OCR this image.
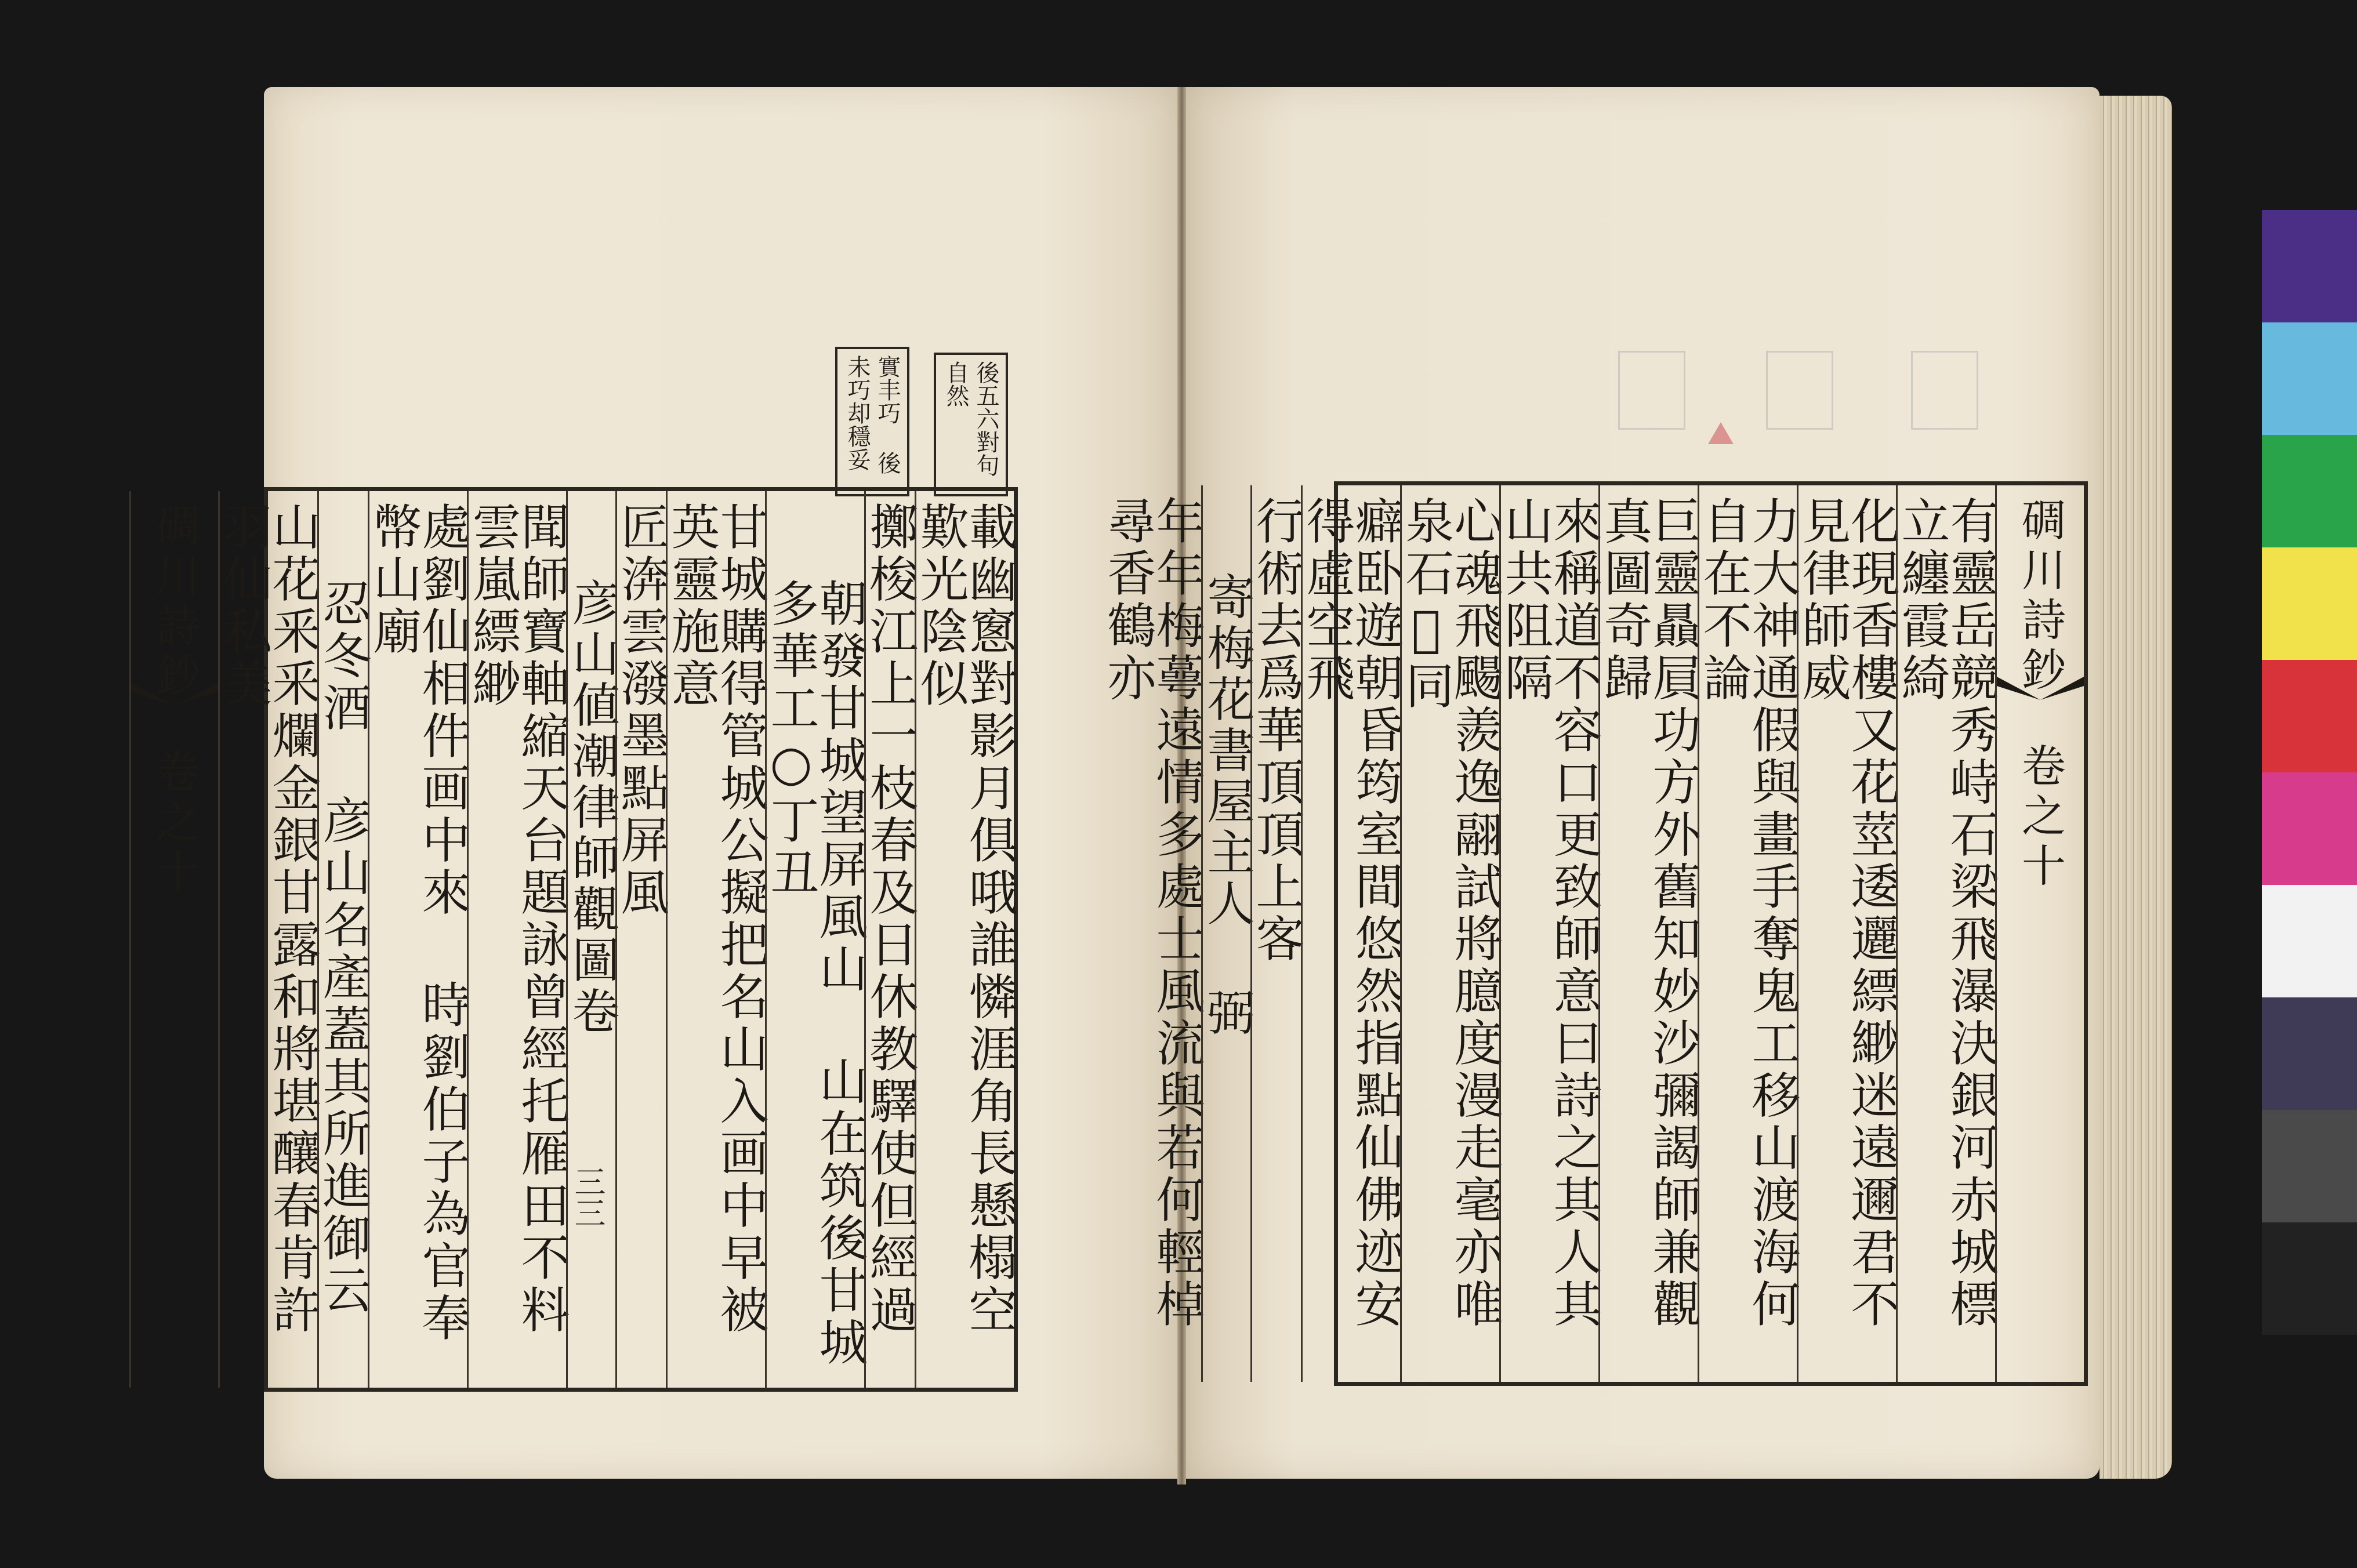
後五六對句自然
實丰巧 後未巧却穩妥
載幽窻對影月俱哦誰憐涯角長懸榻空歎光陰似
擲梭江上一枝春及日休教驛使但經過
朝發甘城望屏風山 山在筑後甘城 多華工○丁丑
甘城購得管城公擬把名山入画中早被英靈施意
匠渀雲潑墨點屏風
彦山値潮律師觀圖卷
聞師寶軸縮天台題詠曾經托雁田不料雲嵐縹緲
處劉仙相件画中來 時劉伯子為官奉幣山廟
忍冬酒 彦山名產蓋其所進御云
山花釆釆爛金銀甘露和將堪釀春肯許羽仙私美
碉川詩鈔
卷之十
三三
碉川詩鈔
卷之十
有靈岳競秀峙石梁飛瀑決銀河赤城標立纏霞綺
化現香樓又花莖逶邐縹緲迷遠邇君不見律師威
力大神通假與畫手奪鬼工移山渡海何自在不論
巨靈贔屓功方外舊知妙沙彌謁師兼觀真圖奇歸
來稱道不容口更致師意曰詩之其人其山共阻隔
心魂飛颺羨逸翮試將臆度漫走毫亦唯泉石𢜧同
癖卧遊朝昏筠室間悠然指點仙佛迹安得虛空飛
行術去爲華頂頂上客
寄梅花書屋主人 弼
年年梅蕚遠情多處士風流與若何輕棹尋香鶴亦
